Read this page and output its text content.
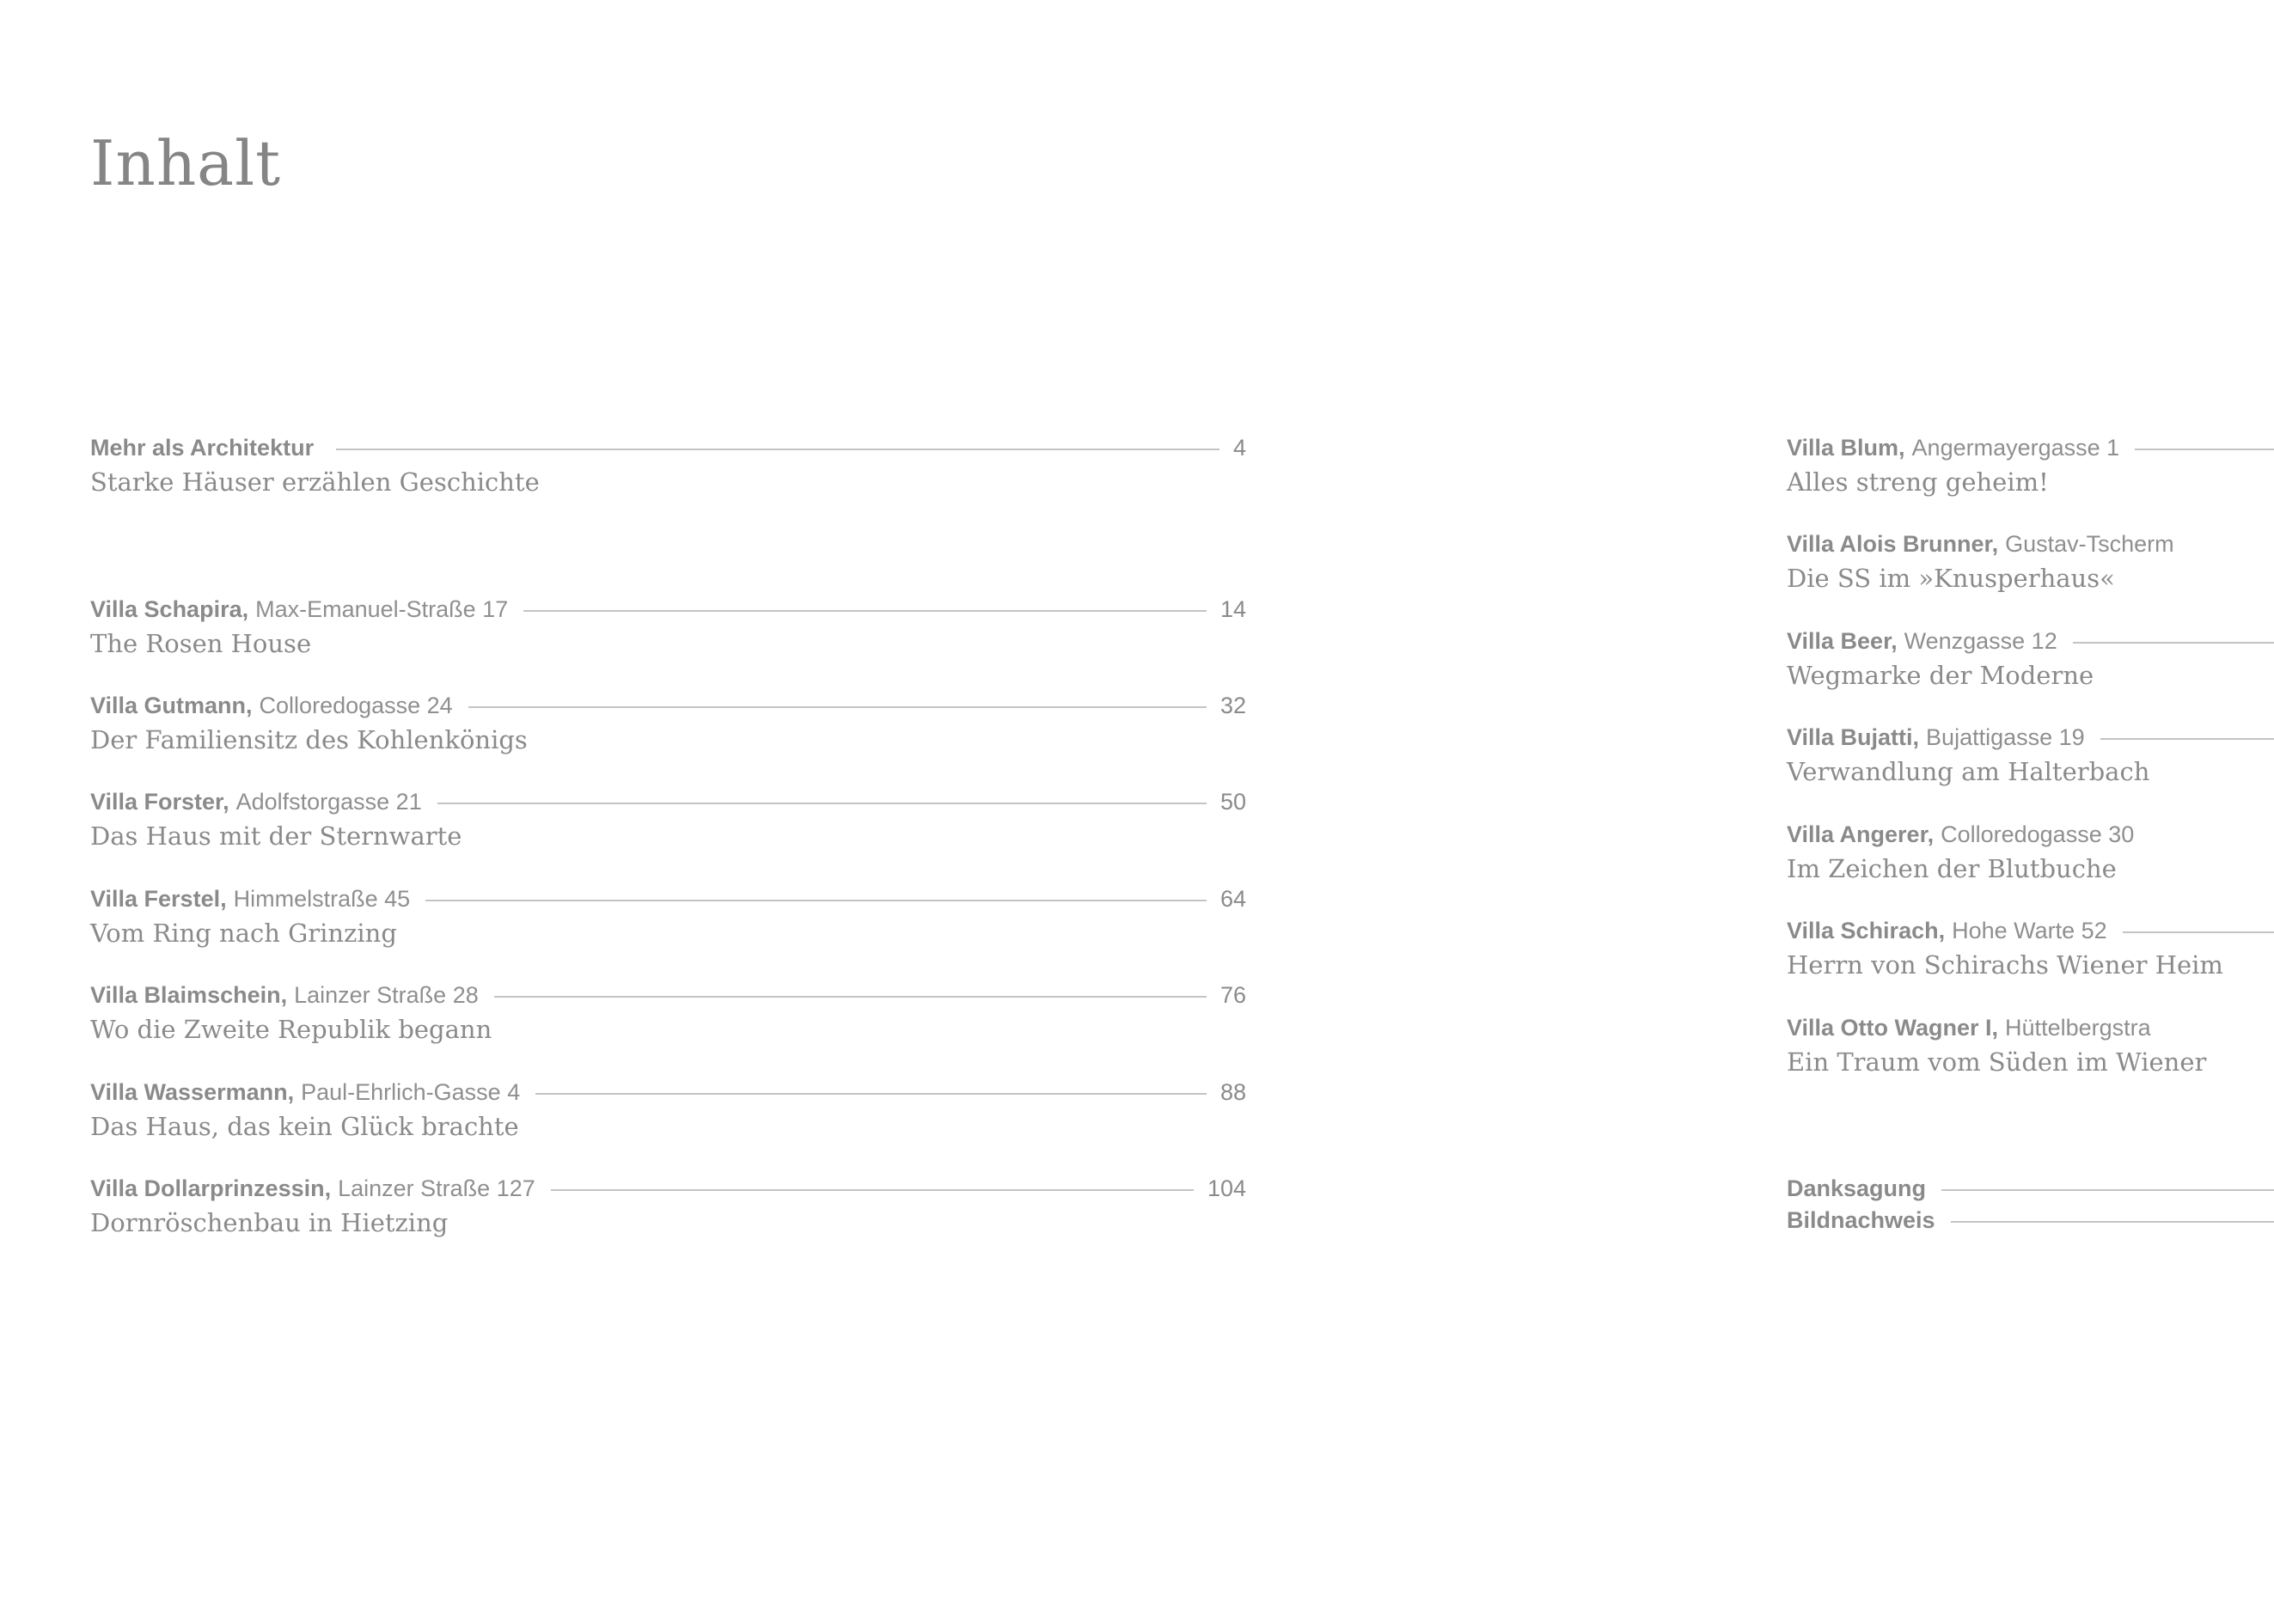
Inhalt
Mehr als Architektur	4
Starke Häuser erzählen Geschichte
Villa Schapira, Max-Emanuel-Straße 17	14
The Rosen House
Villa Gutmann, Colloredogasse 24	32
Der Familiensitz des Kohlenkönigs
Villa Forster, Adolfstorgasse 21	50
Das Haus mit der Sternwarte
Villa Ferstel, Himmelstraße 45	64
Vom Ring nach Grinzing
Villa Blaimschein, Lainzer Straße 28	76
Wo die Zweite Republik begann
Villa Wassermann, Paul-Ehrlich-Gasse 4	88
Das Haus, das kein Glück brachte
Villa Dollarprinzessin, Lainzer Straße 127	104
Dornröschenbau in Hietzing
Villa Blum, Angermayergasse 1
Alles streng geheim!
Villa Alois Brunner, Gustav-Tscherm
Die SS im »Knusperhaus«
Villa Beer, Wenzgasse 12
Wegmarke der Moderne
Villa Bujatti, Bujattigasse 19
Verwandlung am Halterbach
Villa Angerer, Colloredogasse 30
Im Zeichen der Blutbuche
Villa Schirach, Hohe Warte 52
Herrn von Schirachs Wiener Heim
Villa Otto Wagner I, Hüttelbergstra
Ein Traum vom Süden im Wiener
Danksagung
Bildnachweis
